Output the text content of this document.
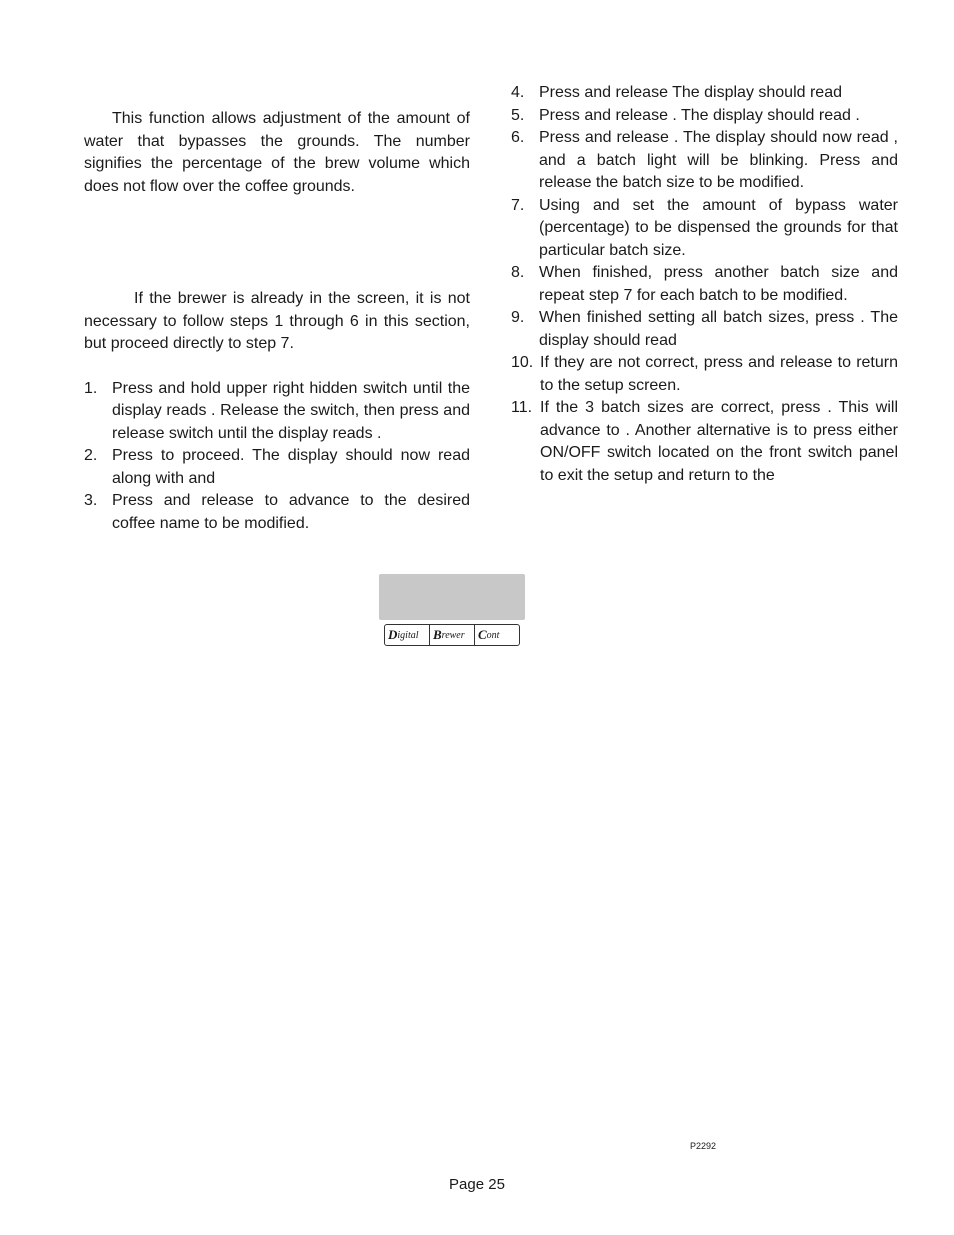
This function allows adjustment of the amount of water that bypasses the grounds. The number signifies the percentage of the brew volume which does not flow over the coffee grounds.

If the brewer is already in the screen, it is not necessary to follow steps 1 through 6 in this section, but proceed directly to step 7.

1. Press and hold upper right hidden switch until the display reads . Release the switch, then press and release switch until the display reads .
2. Press to proceed. The display should now read along with and
3. Press and release to advance to the desired coffee name to be modified.
4. Press and release The display should read
5. Press and release . The display should read .
6. Press and release . The display should now read , and a batch light will be blinking. Press and release the batch size to be modified.
7. Using and set the amount of bypass water (percentage) to be dispensed the grounds for that particular batch size.
8. When finished, press another batch size and repeat step 7 for each batch to be modified.
9. When finished setting all batch sizes, press . The display should read
10. If they are not correct, press and release to return to the setup screen.
11. If the 3 batch sizes are correct, press . This will advance to . Another alternative is to press either ON/OFF switch located on the front switch panel to exit the setup and return to the
D igital B rewer C ont
P2292
Page 25
